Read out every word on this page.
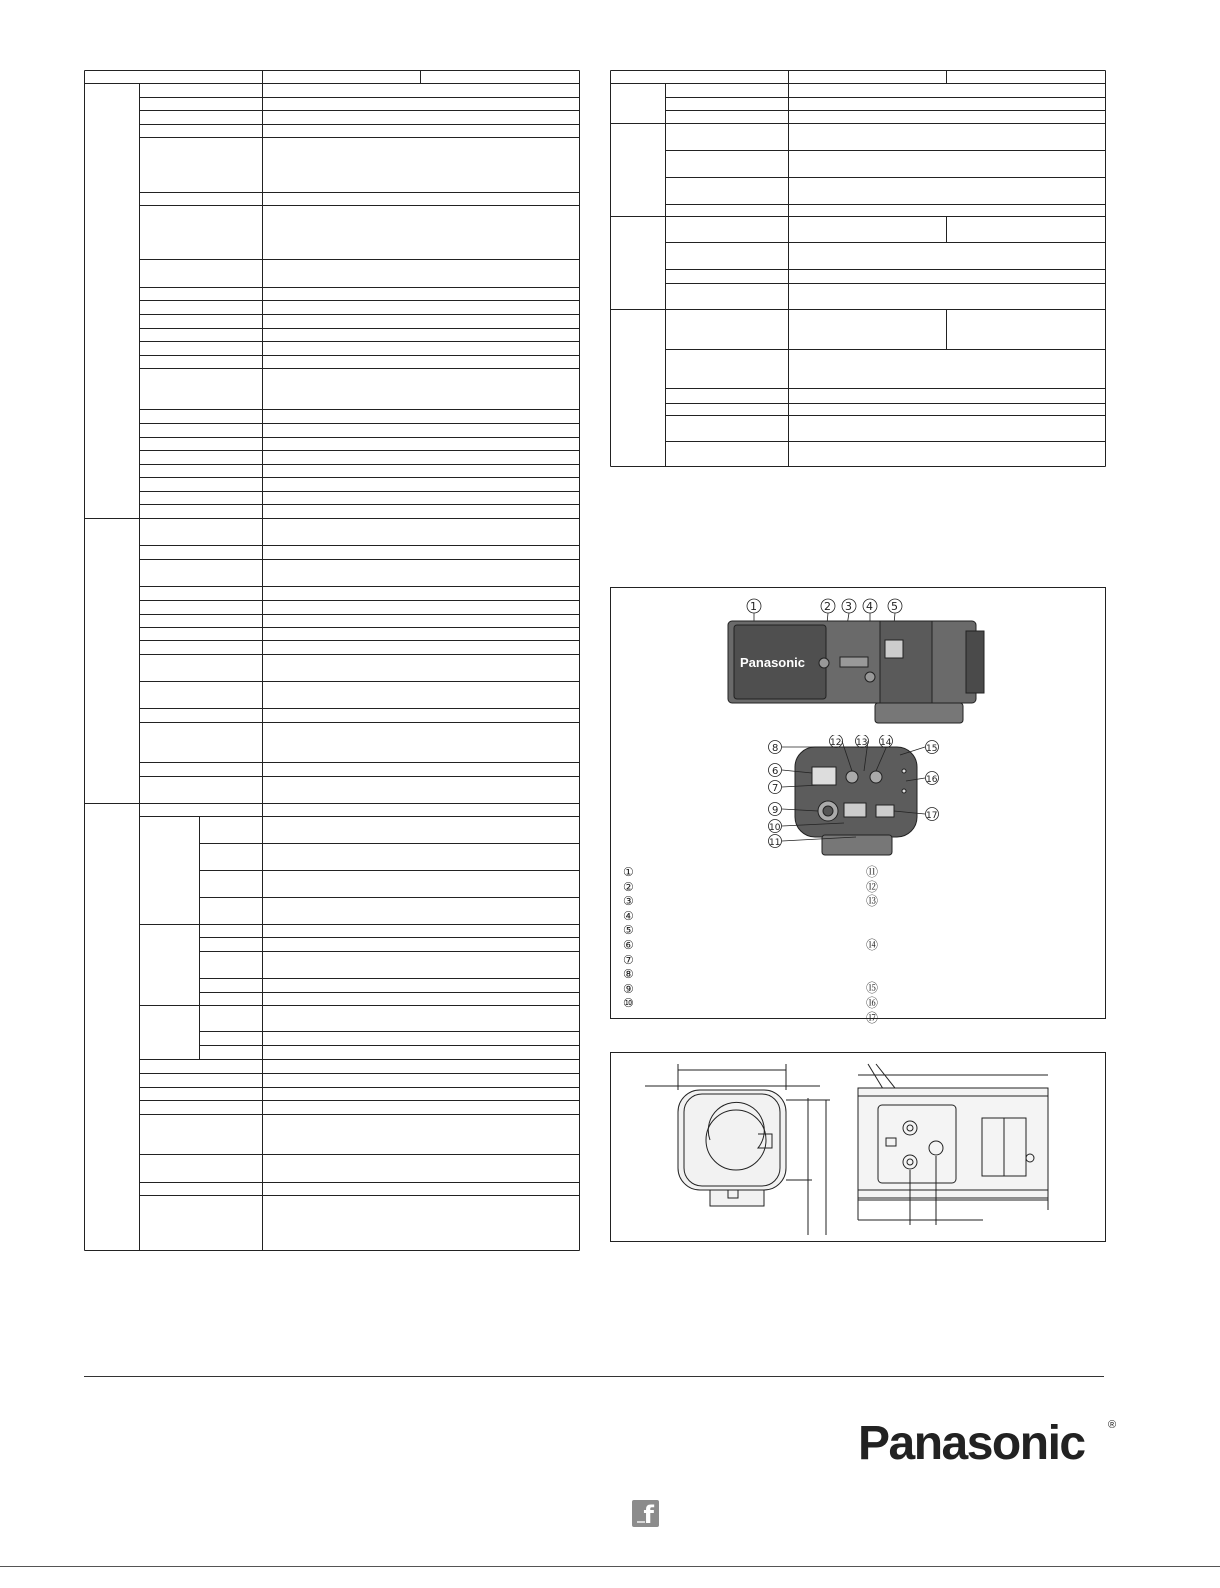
1	2 3 4 5
Panasonic
8
6
7
9
10
11
12 13 14
15
16
17
①
②
③
④
⑤
⑥
⑦
⑧
⑨
⑩
⑪
⑫
⑬
⑭
⑮
⑯
⑰
Panasonic ®
f
